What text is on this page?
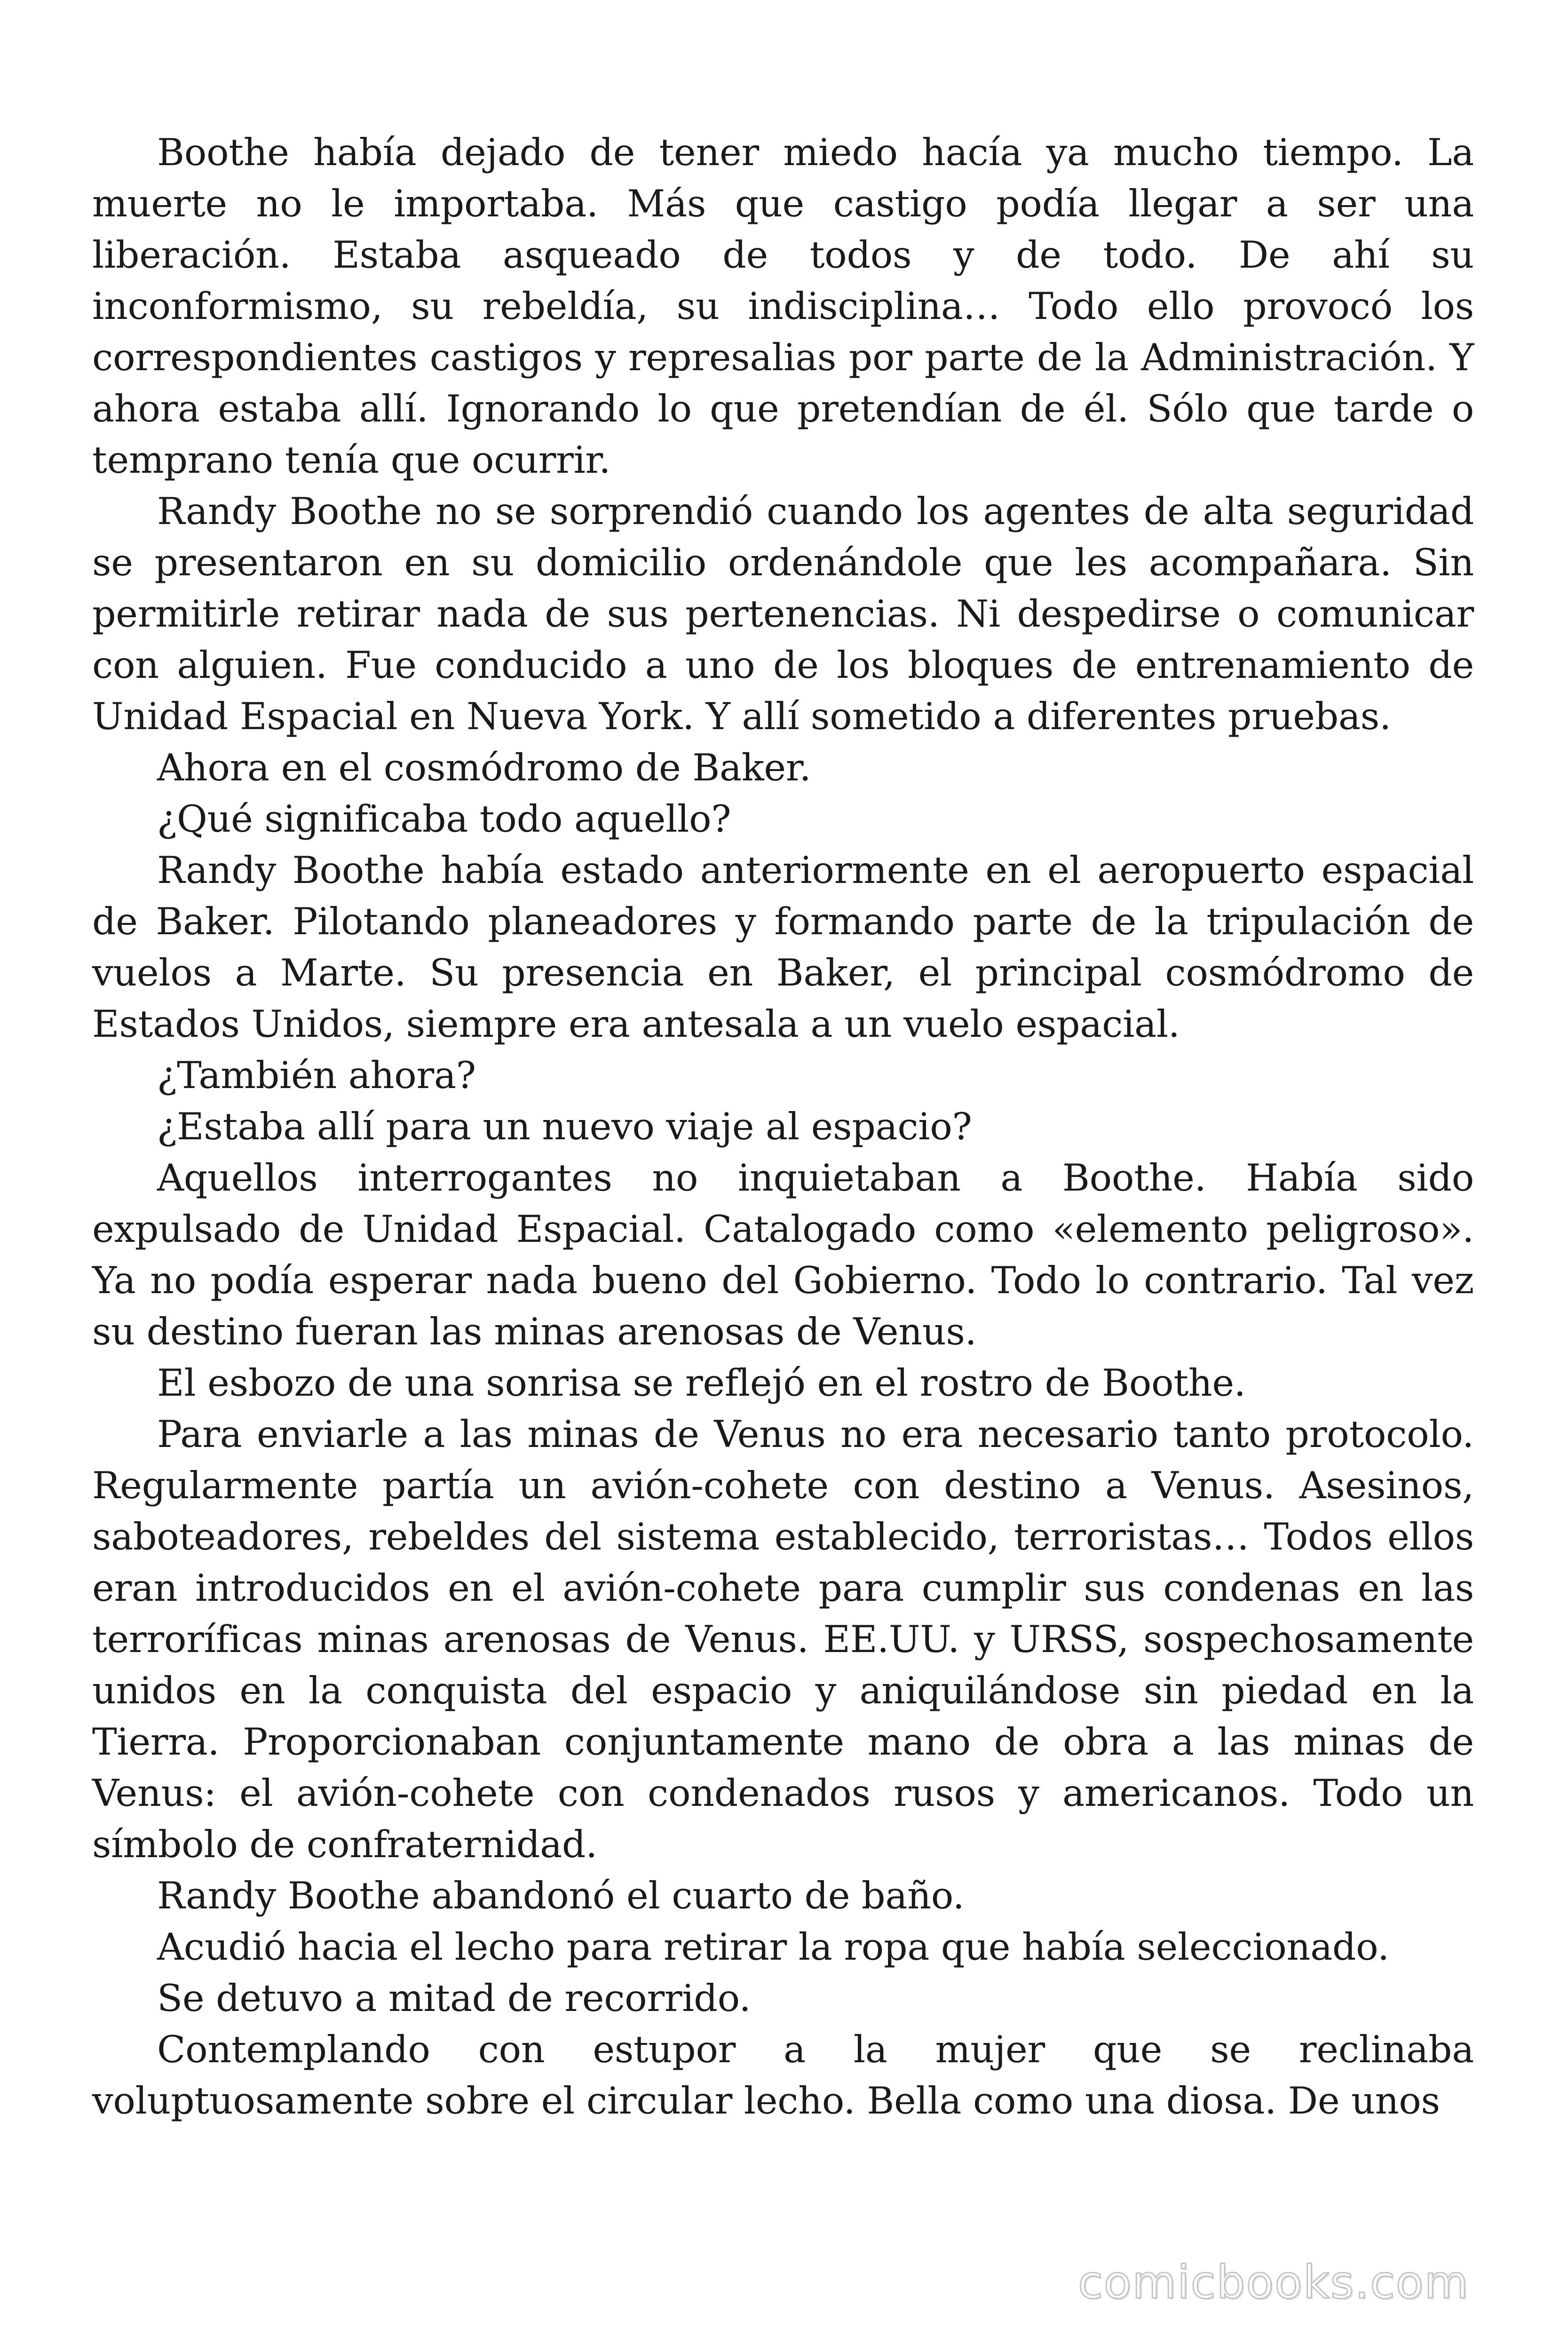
Boothe había dejado de tener miedo hacía ya mucho tiempo. La muerte no le importaba. Más que castigo podía llegar a ser una liberación. Estaba asqueado de todos y de todo. De ahí su inconformismo, su rebeldía, su indisciplina… Todo ello provocó los correspondientes castigos y represalias por parte de la Administración. Y ahora estaba allí. Ignorando lo que pretendían de él. Sólo que tarde o temprano tenía que ocurrir.

Randy Boothe no se sorprendió cuando los agentes de alta seguridad se presentaron en su domicilio ordenándole que les acompañara. Sin permitirle retirar nada de sus pertenencias. Ni despedirse o comunicar con alguien. Fue conducido a uno de los bloques de entrenamiento de Unidad Espacial en Nueva York. Y allí sometido a diferentes pruebas.

Ahora en el cosmódromo de Baker.

¿Qué significaba todo aquello?

Randy Boothe había estado anteriormente en el aeropuerto espacial de Baker. Pilotando planeadores y formando parte de la tripulación de vuelos a Marte. Su presencia en Baker, el principal cosmódromo de Estados Unidos, siempre era antesala a un vuelo espacial.

¿También ahora?

¿Estaba allí para un nuevo viaje al espacio?

Aquellos interrogantes no inquietaban a Boothe. Había sido expulsado de Unidad Espacial. Catalogado como «elemento peligroso». Ya no podía esperar nada bueno del Gobierno. Todo lo contrario. Tal vez su destino fueran las minas arenosas de Venus.

El esbozo de una sonrisa se reflejó en el rostro de Boothe.

Para enviarle a las minas de Venus no era necesario tanto protocolo. Regularmente partía un avión-cohete con destino a Venus. Asesinos, saboteadores, rebeldes del sistema establecido, terroristas… Todos ellos eran introducidos en el avión-cohete para cumplir sus condenas en las terroríficas minas arenosas de Venus. EE.UU. y URSS, sospechosamente unidos en la conquista del espacio y aniquilándose sin piedad en la Tierra. Proporcionaban conjuntamente mano de obra a las minas de Venus: el avión-cohete con condenados rusos y americanos. Todo un símbolo de confraternidad.

Randy Boothe abandonó el cuarto de baño.

Acudió hacia el lecho para retirar la ropa que había seleccionado.

Se detuvo a mitad de recorrido.

Contemplando con estupor a la mujer que se reclinaba voluptuosamente sobre el circular lecho. Bella como una diosa. De unos

comicbooks.com
